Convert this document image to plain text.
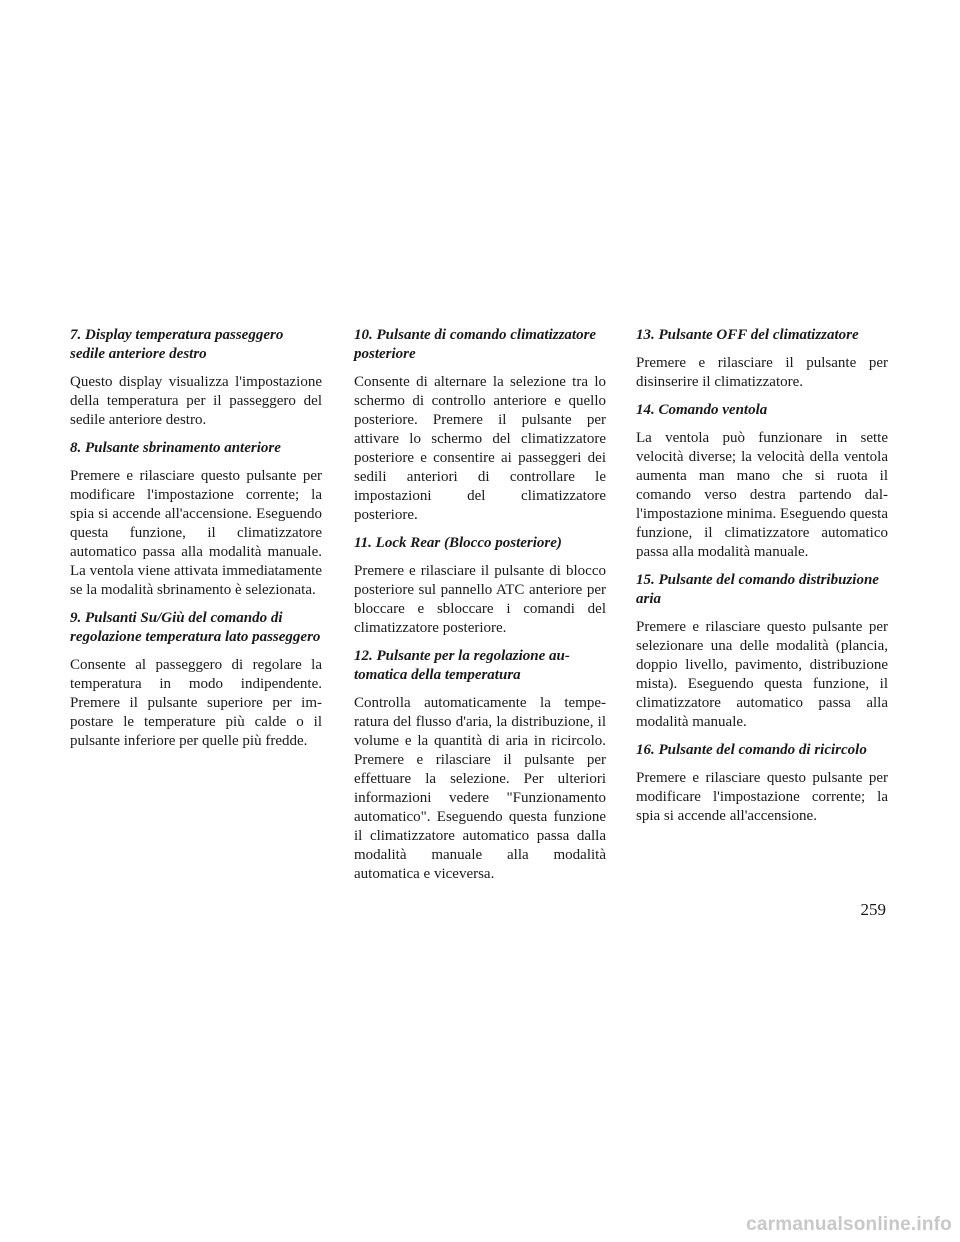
7. Display temperatura passeggero sedile anteriore destro

Questo display visualizza l'impostazione della temperatura per il passeggero del sedile anteriore destro.

8. Pulsante sbrinamento anteriore

Premere e rilasciare questo pulsante per modificare l'impostazione corrente; la spia si accende all'accensione. Eseguendo questa funzione, il climatizzatore automatico passa alla modalità manuale. La ventola viene attivata immediatamente se la modalità sbrinamento è selezionata.

9. Pulsanti Su/Giù del comando di regolazione temperatura lato passeggero

Consente al passeggero di regolare la temperatura in modo indipendente. Premere il pulsante superiore per impostare le temperature più calde o il pulsante inferiore per quelle più fredde.

10. Pulsante di comando climatizzatore posteriore

Consente di alternare la selezione tra lo schermo di controllo anteriore e quello posteriore. Premere il pulsante per attivare lo schermo del climatizzatore posteriore e consentire ai passeggeri dei sedili anteriori di controllare le impostazioni del climatizzatore posteriore.

11. Lock Rear (Blocco posteriore)

Premere e rilasciare il pulsante di blocco posteriore sul pannello ATC anteriore per bloccare e sbloccare i comandi del climatizzatore posteriore.

12. Pulsante per la regolazione automatica della temperatura

Controlla automaticamente la temperatura del flusso d'aria, la distribuzione, il volume e la quantità di aria in ricircolo. Premere e rilasciare il pulsante per effettuare la selezione. Per ulteriori informazioni vedere "Funzionamento automatico". Eseguendo questa funzione il climatizzatore automatico passa dalla modalità manuale alla modalità automatica e viceversa.

13. Pulsante OFF del climatizzatore

Premere e rilasciare il pulsante per disinserire il climatizzatore.

14. Comando ventola

La ventola può funzionare in sette velocità diverse; la velocità della ventola aumenta man mano che si ruota il comando verso destra partendo dall'impostazione minima. Eseguendo questa funzione, il climatizzatore automatico passa alla modalità manuale.

15. Pulsante del comando distribuzione aria

Premere e rilasciare questo pulsante per selezionare una delle modalità (plancia, doppio livello, pavimento, distribuzione mista). Eseguendo questa funzione, il climatizzatore automatico passa alla modalità manuale.

16. Pulsante del comando di ricircolo

Premere e rilasciare questo pulsante per modificare l'impostazione corrente; la spia si accende all'accensione.

259
carmanualsonline.info
